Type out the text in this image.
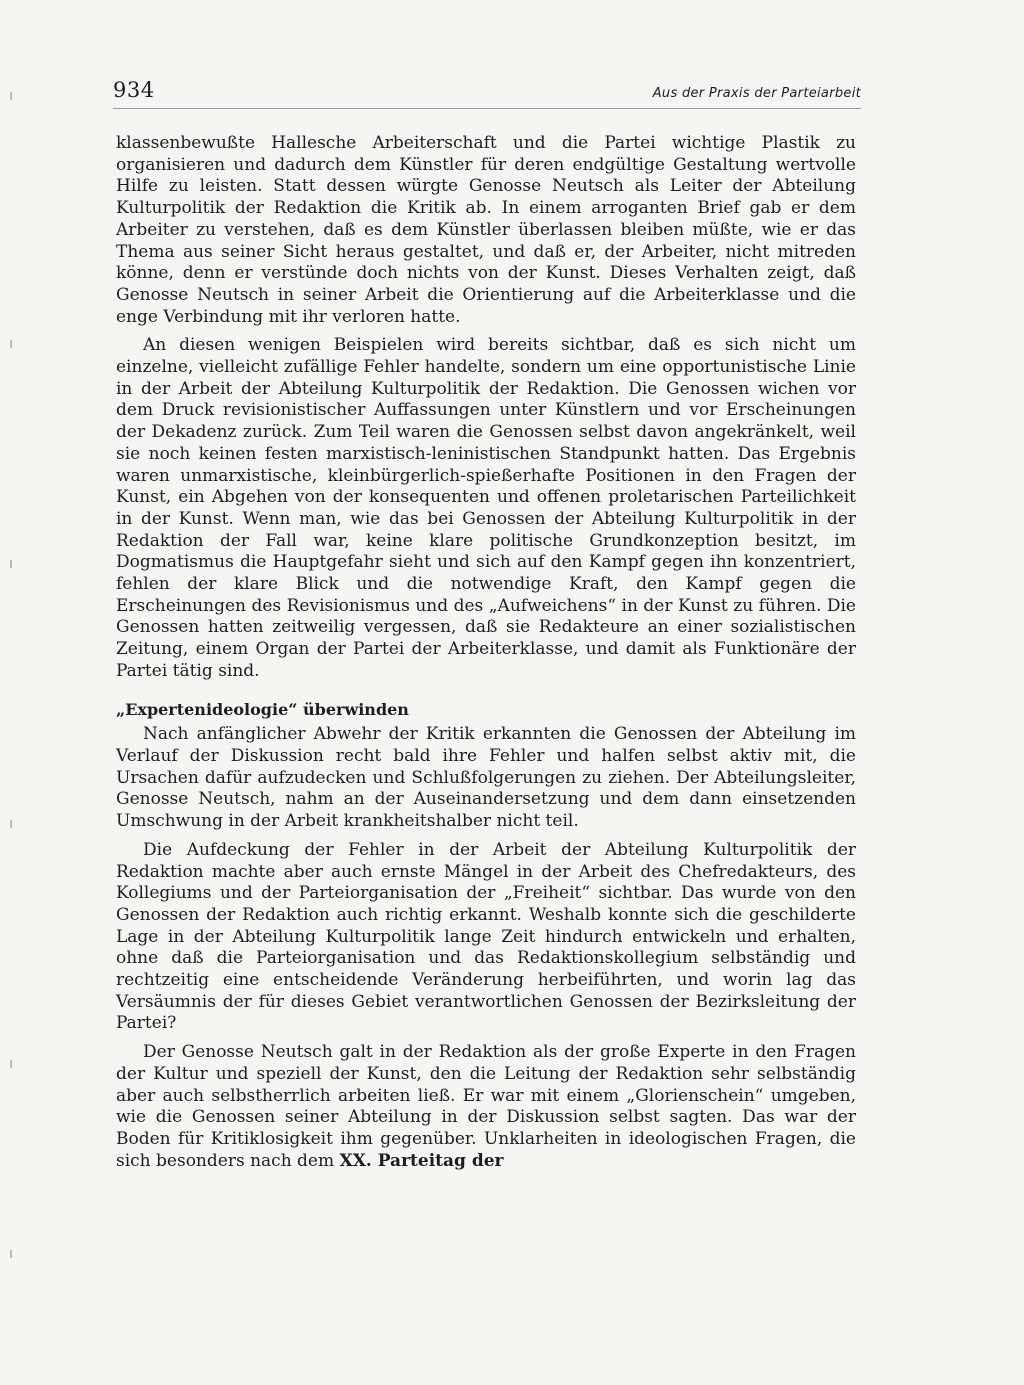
934	Aus der Praxis der Parteiarbeit

klassenbewußte Hallesche Arbeiterschaft und die Partei wichtige Plastik zu organisieren und dadurch dem Künstler für deren endgültige Gestaltung wertvolle Hilfe zu leisten. Statt dessen würgte Genosse Neutsch als Leiter der Abteilung Kulturpolitik der Redaktion die Kritik ab. In einem arroganten Brief gab er dem Arbeiter zu verstehen, daß es dem Künstler überlassen bleiben müßte, wie er das Thema aus seiner Sicht heraus gestaltet, und daß er, der Arbeiter, nicht mitreden könne, denn er verstünde doch nichts von der Kunst. Dieses Verhalten zeigt, daß Genosse Neutsch in seiner Arbeit die Orientierung auf die Arbeiterklasse und die enge Verbindung mit ihr verloren hatte.

An diesen wenigen Beispielen wird bereits sichtbar, daß es sich nicht um einzelne, vielleicht zufällige Fehler handelte, sondern um eine opportunistische Linie in der Arbeit der Abteilung Kulturpolitik der Redaktion. Die Genossen wichen vor dem Druck revisionistischer Auffassungen unter Künstlern und vor Erscheinungen der Dekadenz zurück. Zum Teil waren die Genossen selbst davon angekränkelt, weil sie noch keinen festen marxistisch-leninistischen Standpunkt hatten. Das Ergebnis waren unmarxistische, kleinbürgerlich-spießerhafte Positionen in den Fragen der Kunst, ein Abgehen von der konsequenten und offenen proletarischen Parteilichkeit in der Kunst. Wenn man, wie das bei Genossen der Abteilung Kulturpolitik in der Redaktion der Fall war, keine klare politische Grundkonzeption besitzt, im Dogmatismus die Hauptgefahr sieht und sich auf den Kampf gegen ihn konzentriert, fehlen der klare Blick und die notwendige Kraft, den Kampf gegen die Erscheinungen des Revisionismus und des „Aufweichens“ in der Kunst zu führen. Die Genossen hatten zeitweilig vergessen, daß sie Redakteure an einer sozialistischen Zeitung, einem Organ der Partei der Arbeiterklasse, und damit als Funktionäre der Partei tätig sind.

„Expertenideologie“ überwinden

Nach anfänglicher Abwehr der Kritik erkannten die Genossen der Abteilung im Verlauf der Diskussion recht bald ihre Fehler und halfen selbst aktiv mit, die Ursachen dafür aufzudecken und Schlußfolgerungen zu ziehen. Der Abteilungsleiter, Genosse Neutsch, nahm an der Auseinandersetzung und dem dann einsetzenden Umschwung in der Arbeit krankheitshalber nicht teil.

Die Aufdeckung der Fehler in der Arbeit der Abteilung Kulturpolitik der Redaktion machte aber auch ernste Mängel in der Arbeit des Chefredakteurs, des Kollegiums und der Parteiorganisation der „Freiheit“ sichtbar. Das wurde von den Genossen der Redaktion auch richtig erkannt. Weshalb konnte sich die geschilderte Lage in der Abteilung Kulturpolitik lange Zeit hindurch entwickeln und erhalten, ohne daß die Parteiorganisation und das Redaktionskollegium selbständig und rechtzeitig eine entscheidende Veränderung herbeiführten, und worin lag das Versäumnis der für dieses Gebiet verantwortlichen Genossen der Bezirksleitung der Partei?

Der Genosse Neutsch galt in der Redaktion als der große Experte in den Fragen der Kultur und speziell der Kunst, den die Leitung der Redaktion sehr selbständig aber auch selbstherrlich arbeiten ließ. Er war mit einem „Glorienschein“ umgeben, wie die Genossen seiner Abteilung in der Diskussion selbst sagten. Das war der Boden für Kritiklosigkeit ihm gegenüber. Unklarheiten in ideologischen Fragen, die sich besonders nach dem XX. Parteitag der
